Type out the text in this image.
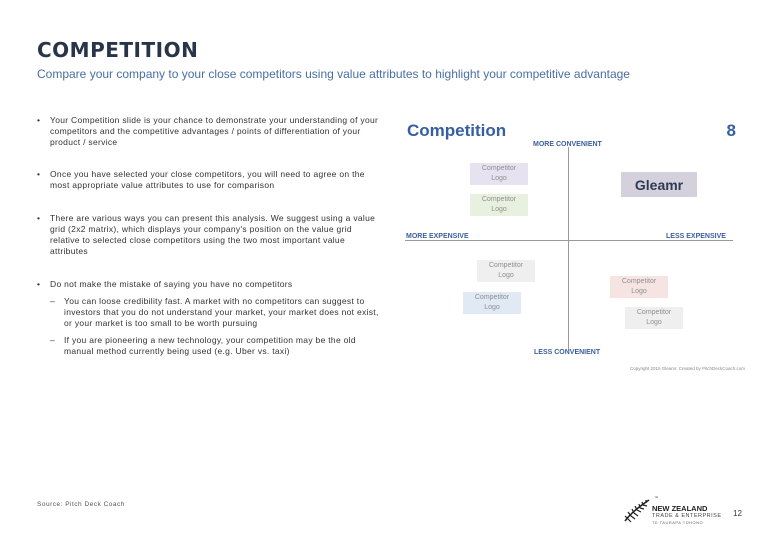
COMPETITION
Compare your company to your close competitors using value attributes to highlight your competitive advantage
• Your Competition slide is your chance to demonstrate your understanding of your competitors and the competitive advantages / points of differentiation of your product / service
• Once you have selected your close competitors, you will need to agree on the most appropriate value attributes to use for comparison
• There are various ways you can present this analysis. We suggest using a value grid (2x2 matrix), which displays your company's position on the value grid relative to selected close competitors using the two most important value attributes
• Do not make the mistake of saying you have no competitors
– You can loose credibility fast. A market with no competitors can suggest to investors that you do not understand your market, your market does not exist, or your market is too small to be worth pursuing
– If you are pioneering a new technology, your competition may be the old manual method currently being used (e.g. Uber vs. taxi)
Competition	8
MORE CONVENIENT
LESS CONVENIENT
MORE EXPENSIVE	LESS EXPENSIVE
Gleamr
Competitor
Logo
Competitor
Logo
Competitor
Logo
Competitor
Logo
Competitor
Logo
Competitor
Logo
Copyright 2015 Gleamr. Created by PitchDeckCoach.com
Source: Pitch Deck Coach
™
NEW ZEALAND
TRADE & ENTERPRISE
TE TAURAPA TŪHONO
12
